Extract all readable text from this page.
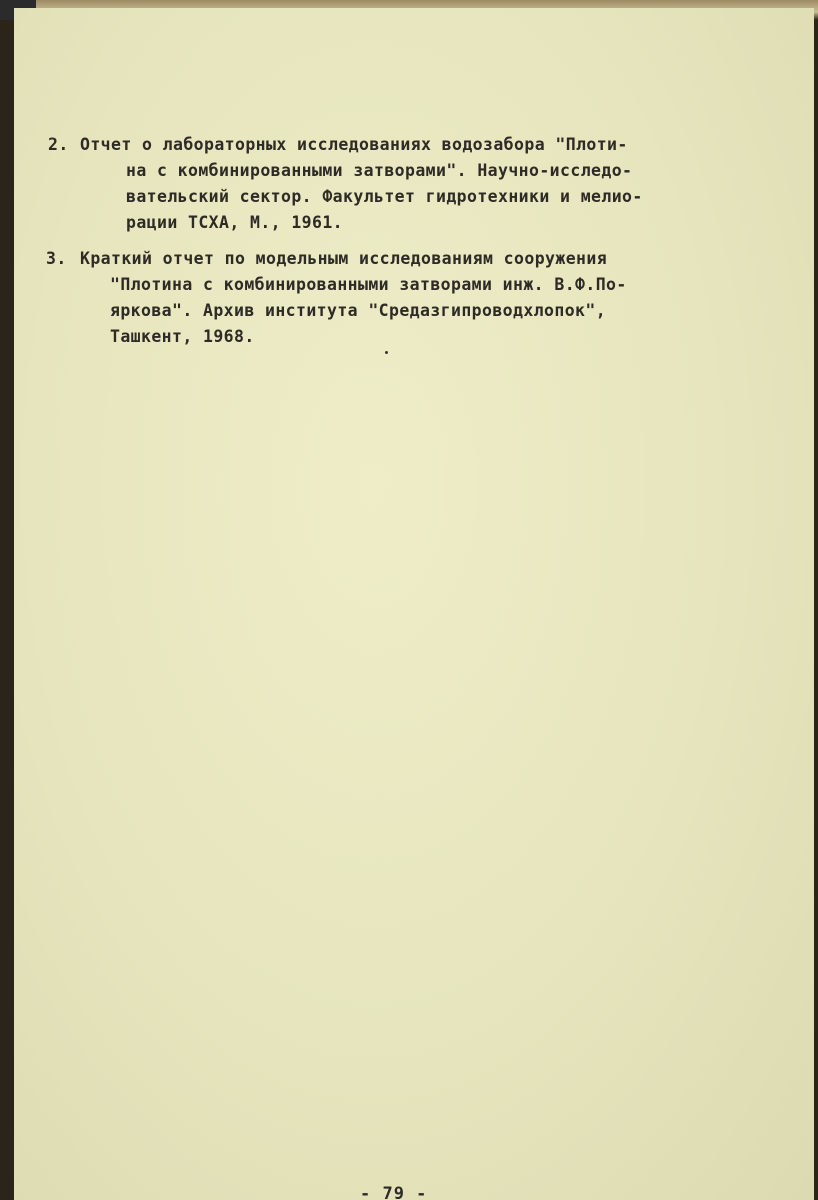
2.

Отчет о лабораторных исследованиях водозабора "Плоти-

на с комбинированными затворами". Научно-исследо-

вательский сектор. Факультет гидротехники и мелио-

рации ТСХА, М., 1961.

3.

Краткий отчет по модельным исследованиям сооружения

"Плотина с комбинированными затворами инж. В.Ф.По-

яркова". Архив института "Средазгипроводхлопок",

Ташкент, 1968.

- 79 -
